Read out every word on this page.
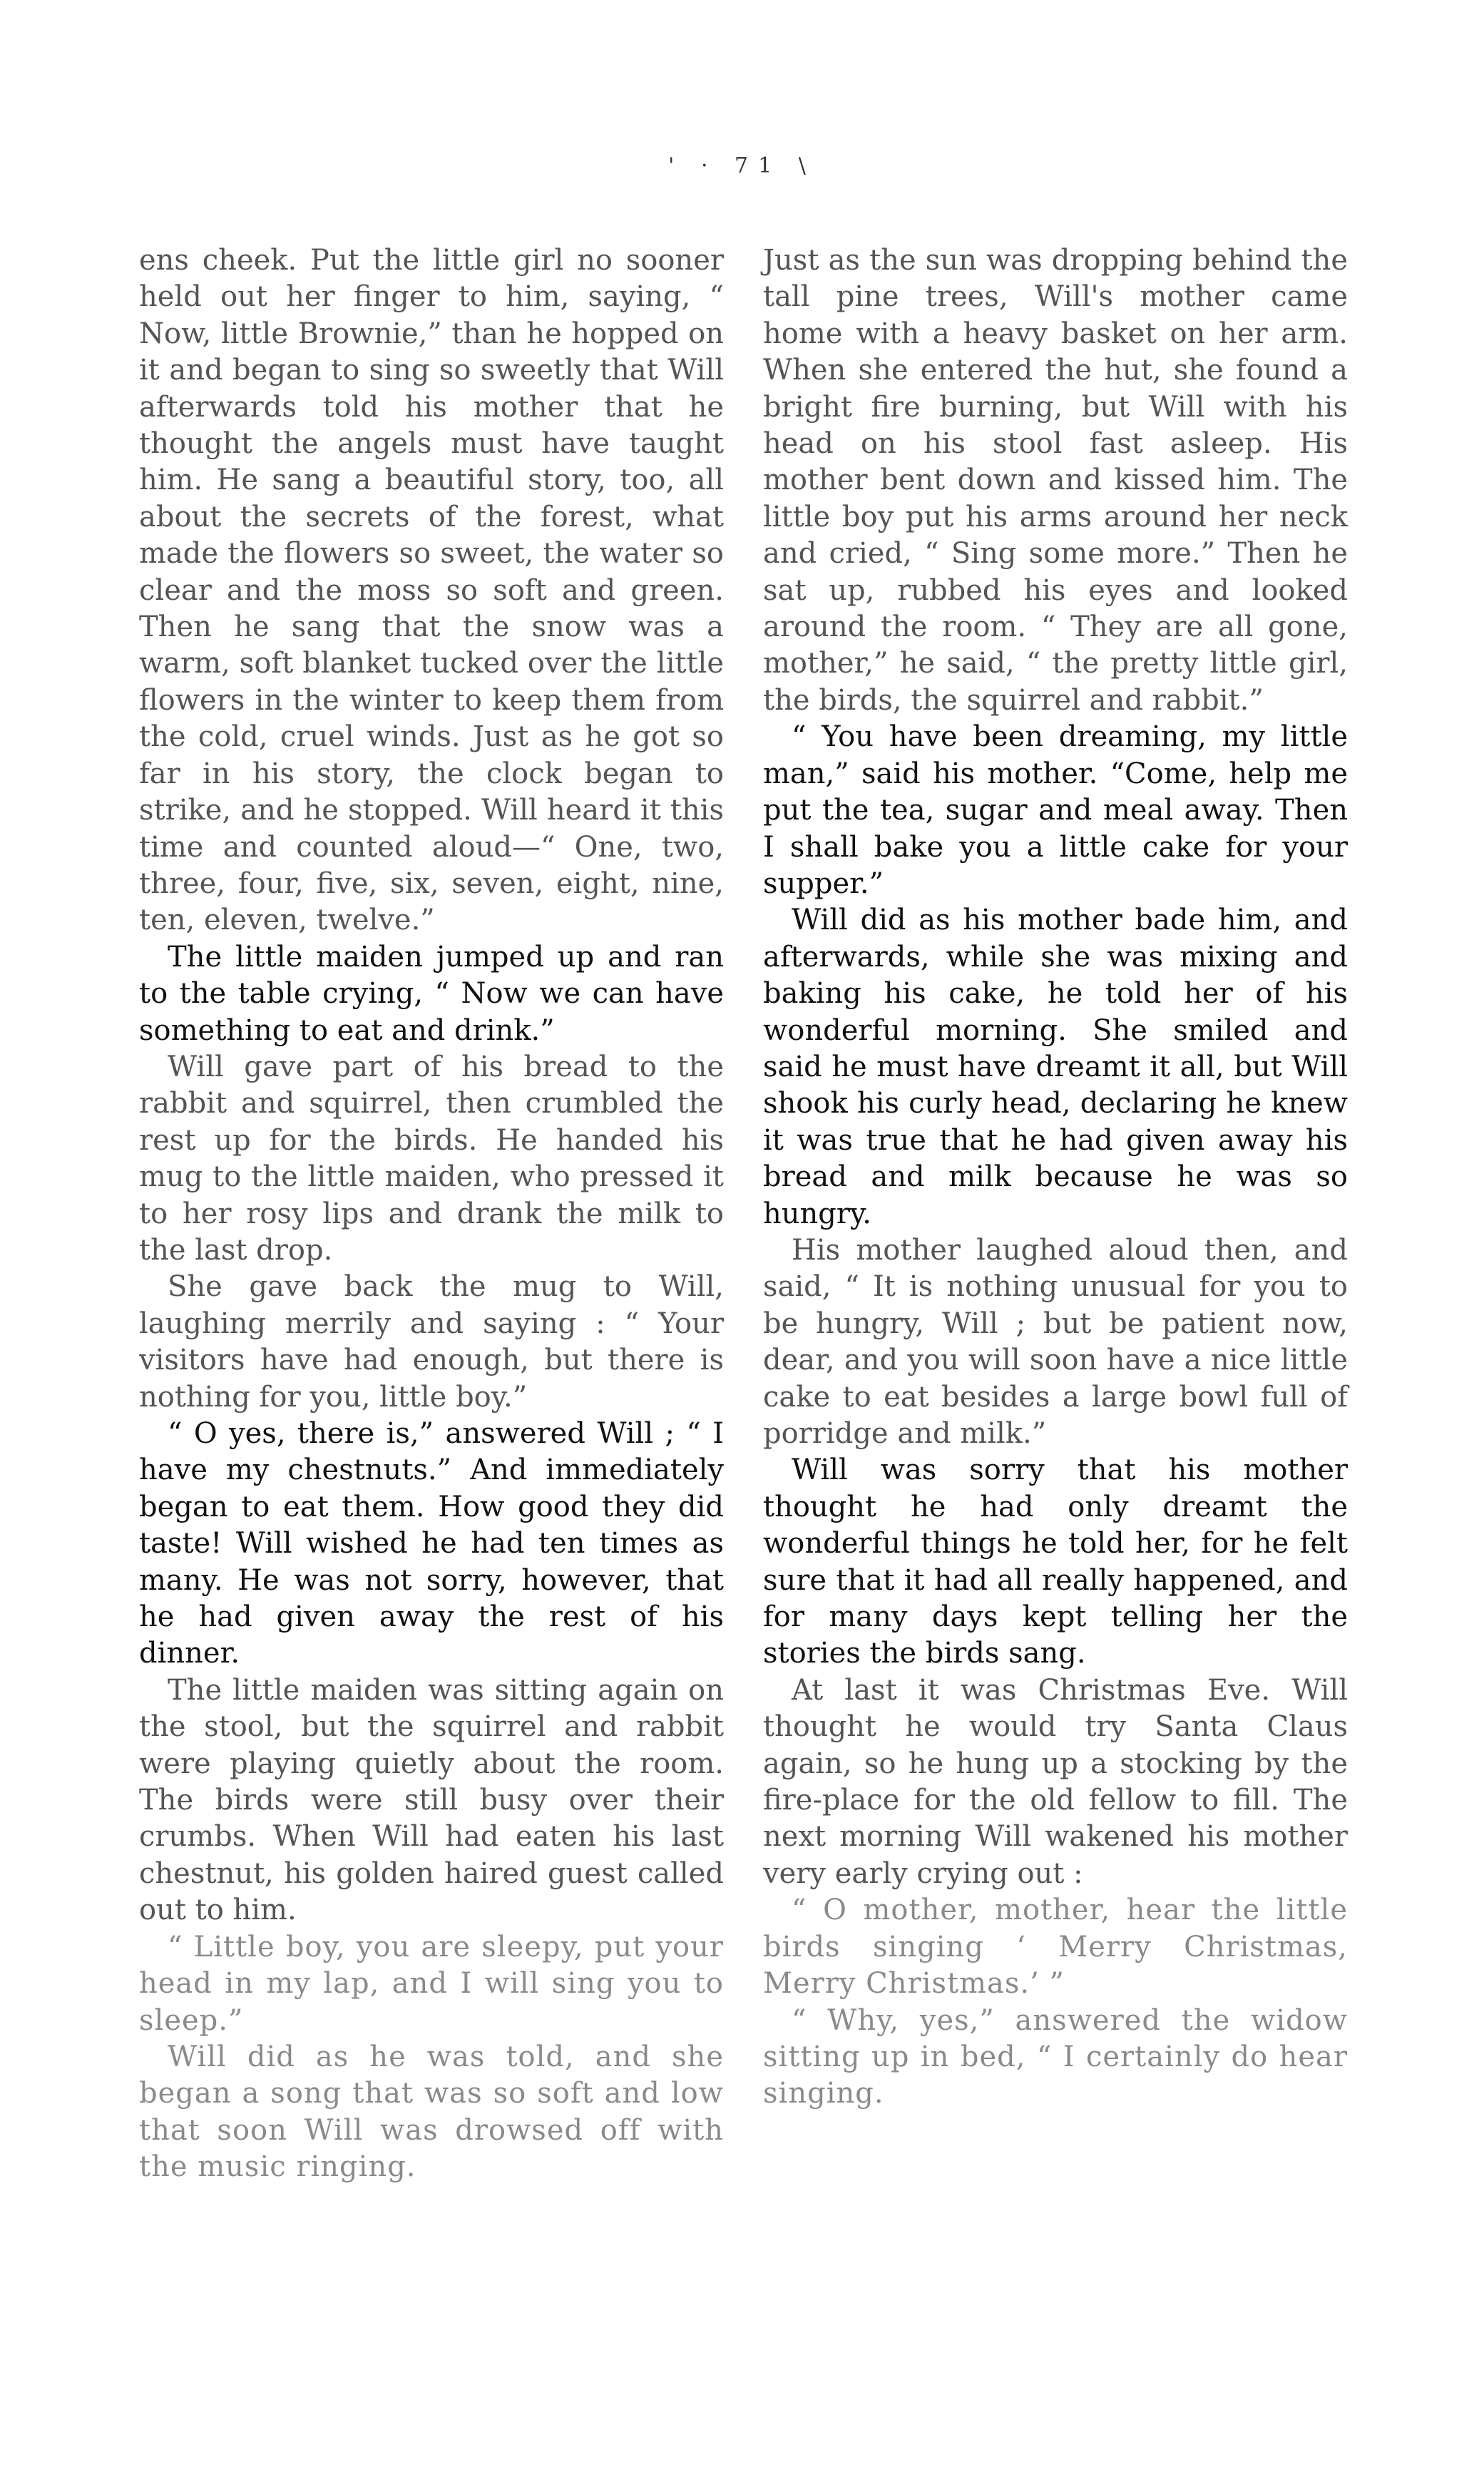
' · 71 \

ens cheek. Put the little girl no sooner held out her finger to him, saying, “ Now, little Brownie,” than he hopped on it and began to sing so sweetly that Will afterwards told his mother that he thought the angels must have taught him. He sang a beautiful story, too, all about the secrets of the forest, what made the flowers so sweet, the water so clear and the moss so soft and green. Then he sang that the snow was a warm, soft blanket tucked over the little flowers in the winter to keep them from the cold, cruel winds. Just as he got so far in his story, the clock began to strike, and he stopped. Will heard it this time and counted aloud—“ One, two, three, four, five, six, seven, eight, nine, ten, eleven, twelve.”

The little maiden jumped up and ran to the table crying, “ Now we can have something to eat and drink.”

Will gave part of his bread to the rabbit and squirrel, then crumbled the rest up for the birds. He handed his mug to the little maiden, who pressed it to her rosy lips and drank the milk to the last drop.

She gave back the mug to Will, laughing merrily and saying : “ Your visitors have had enough, but there is nothing for you, little boy.”

“ O yes, there is,” answered Will ; “ I have my chestnuts.” And immediately began to eat them. How good they did taste! Will wished he had ten times as many. He was not sorry, however, that he had given away the rest of his dinner.

The little maiden was sitting again on the stool, but the squirrel and rabbit were playing quietly about the room. The birds were still busy over their crumbs. When Will had eaten his last chestnut, his golden haired guest called out to him.

“ Little boy, you are sleepy, put your head in my lap, and I will sing you to sleep.”

Will did as he was told, and she began a song that was so soft and low that soon Will was drowsed off with the music ringing.

Just as the sun was dropping behind the tall pine trees, Will's mother came home with a heavy basket on her arm. When she entered the hut, she found a bright fire burning, but Will with his head on his stool fast asleep. His mother bent down and kissed him. The little boy put his arms around her neck and cried, “ Sing some more.” Then he sat up, rubbed his eyes and looked around the room. “ They are all gone, mother,” he said, “ the pretty little girl, the birds, the squirrel and rabbit.”

“ You have been dreaming, my little man,” said his mother. “Come, help me put the tea, sugar and meal away. Then I shall bake you a little cake for your supper.”

Will did as his mother bade him, and afterwards, while she was mixing and baking his cake, he told her of his wonderful morning. She smiled and said he must have dreamt it all, but Will shook his curly head, declaring he knew it was true that he had given away his bread and milk because he was so hungry.

His mother laughed aloud then, and said, “ It is nothing unusual for you to be hungry, Will ; but be patient now, dear, and you will soon have a nice little cake to eat besides a large bowl full of porridge and milk.”

Will was sorry that his mother thought he had only dreamt the wonderful things he told her, for he felt sure that it had all really happened, and for many days kept telling her the stories the birds sang.

At last it was Christmas Eve. Will thought he would try Santa Claus again, so he hung up a stocking by the fire-place for the old fellow to fill. The next morning Will wakened his mother very early crying out :

“ O mother, mother, hear the little birds singing ‘ Merry Christmas, Merry Christmas.’ ”

“ Why, yes,” answered the widow sitting up in bed, “ I certainly do hear singing.
